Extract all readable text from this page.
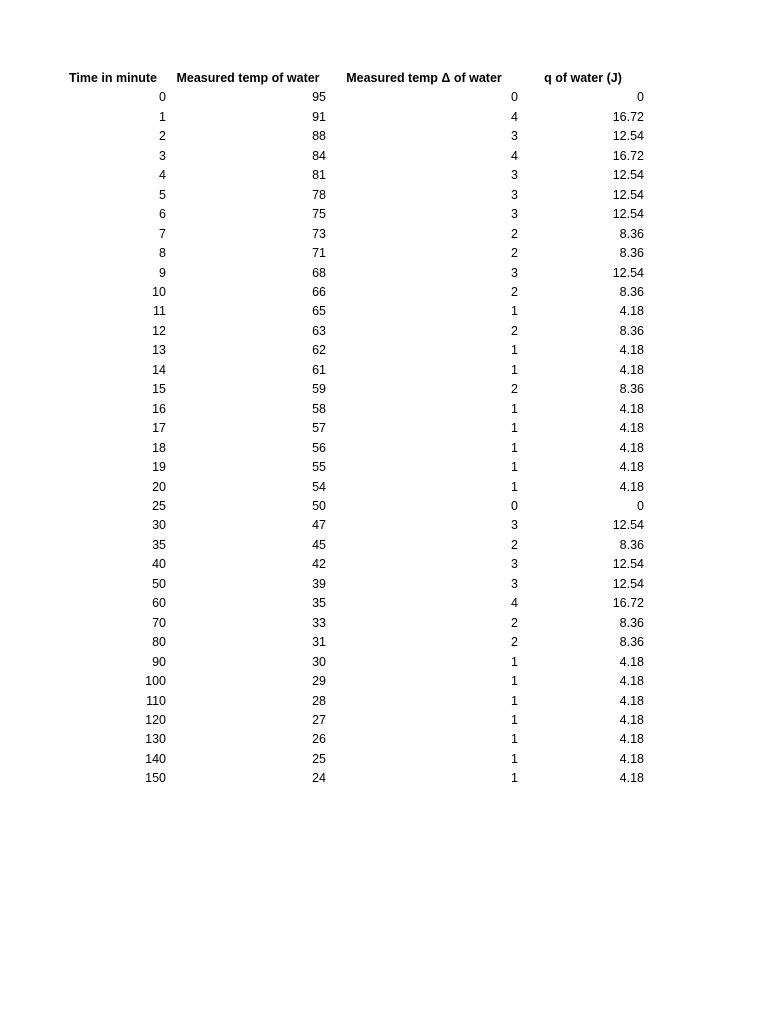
Time in minute	Measured temp of water	Measured temp Δ of water	q of water (J)
0	95	0	0
1	91	4	16.72
2	88	3	12.54
3	84	4	16.72
4	81	3	12.54
5	78	3	12.54
6	75	3	12.54
7	73	2	8.36
8	71	2	8.36
9	68	3	12.54
10	66	2	8.36
11	65	1	4.18
12	63	2	8.36
13	62	1	4.18
14	61	1	4.18
15	59	2	8.36
16	58	1	4.18
17	57	1	4.18
18	56	1	4.18
19	55	1	4.18
20	54	1	4.18
25	50	0	0
30	47	3	12.54
35	45	2	8.36
40	42	3	12.54
50	39	3	12.54
60	35	4	16.72
70	33	2	8.36
80	31	2	8.36
90	30	1	4.18
100	29	1	4.18
110	28	1	4.18
120	27	1	4.18
130	26	1	4.18
140	25	1	4.18
150	24	1	4.18
